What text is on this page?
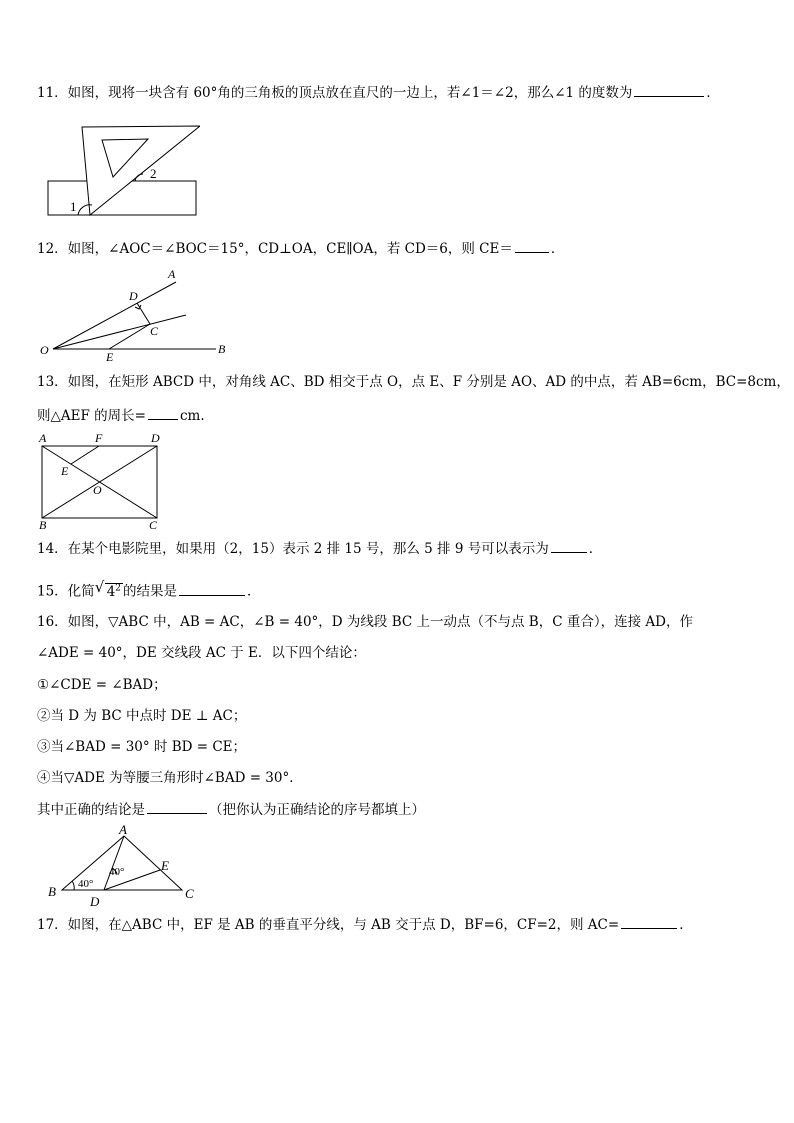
11．如图，现将一块含有 60°角的三角板的顶点放在直尺的一边上，若∠1＝∠2，那么∠1 的度数为	．
1
2
12．如图，∠AOC＝∠BOC＝15°，CD⊥OA，CE∥OA，若 CD＝6，则 CE＝	．
A
B
C
D
E
O
13．如图，在矩形 ABCD 中，对角线 AC、BD 相交于点 O，点 E、F 分别是 AO、AD 的中点，若 AB=6cm，BC=8cm，
则△AEF 的周长=	cm.
A
B	C
D
E
F
O
14．在某个电影院里，如果用（2，15）表示 2 排 15 号，那么 5 排 9 号可以表示为	．
15．化简 √ $4^2$ 的结果是	．
16．如图，▽ABC 中，AB = AC，∠B = 40°，D 为线段 BC 上一动点（不与点 B，C 重合），连接 AD，作
∠ADE = 40°，DE 交线段 AC 于 E．以下四个结论：
①∠CDE = ∠BAD；
②当 D 为 BC 中点时 DE ⊥ AC；
③当∠BAD = 30° 时 BD = CE；
④当▽ADE 为等腰三角形时∠BAD = 30°．
其中正确的结论是	（把你认为正确结论的序号都填上）
A
B	C
D
E
40°
40°
17．如图，在△ABC 中，EF 是 AB 的垂直平分线，与 AB 交于点 D，BF=6，CF=2，则 AC=	．
